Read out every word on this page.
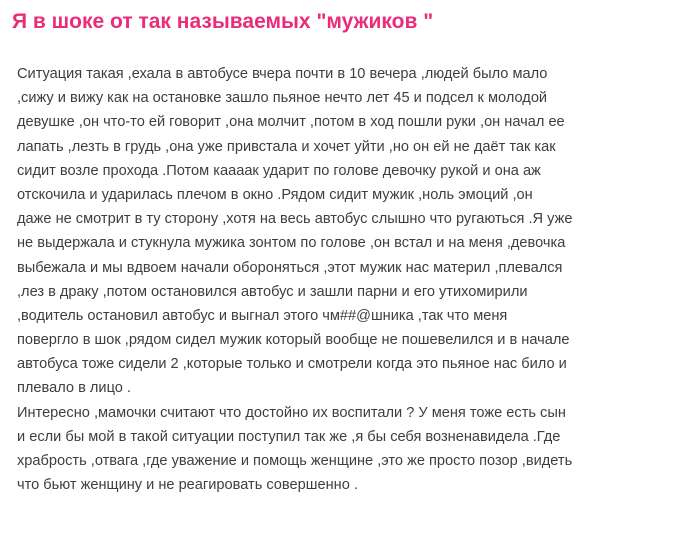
Я в шоке от так называемых "мужиков "
Ситуация такая ,ехала в автобусе вчера почти в 10 вечера ,людей было мало
,сижу и вижу как на остановке зашло пьяное нечто лет 45 и подсел к молодой
девушке ,он что-то ей говорит ,она молчит ,потом в ход пошли руки ,он начал ее
лапать ,лезть в грудь ,она уже привстала и хочет уйти ,но он ей не даёт так как
сидит возле прохода .Потом кааaак ударит по голове девочку рукой и она аж
отскочила и ударилась плечом в окно .Рядом сидит мужик ,ноль эмоций ,он
даже не смотрит в ту сторону ,хотя на весь автобус слышно что ругаються .Я уже
не выдержала и стукнула мужика зонтом по голове ,он встал и на меня ,девочка
выбежала и мы вдвоем начали обороняться ,этот мужик нас материл ,плевался
,лез в драку ,потом остановился автобус и зашли парни и его утихомирили
,водитель остановил автобус и выгнал этого чм##@шника ,так что меня
повергло в шок ,рядом сидел мужик который вообще не пошевелился и в начале
автобуса тоже сидели 2 ,которые только и смотрели когда это пьяное нас било и
плевало в лицо .
Интересно ,мамочки считают что достойно их воспитали ? У меня тоже есть сын
и если бы мой в такой ситуации поступил так же ,я бы себя возненавидела .Где
храбрость ,отвага ,где уважение и помощь женщине ,это же просто позор ,видеть
что бьют женщину и не реагировать совершенно .
